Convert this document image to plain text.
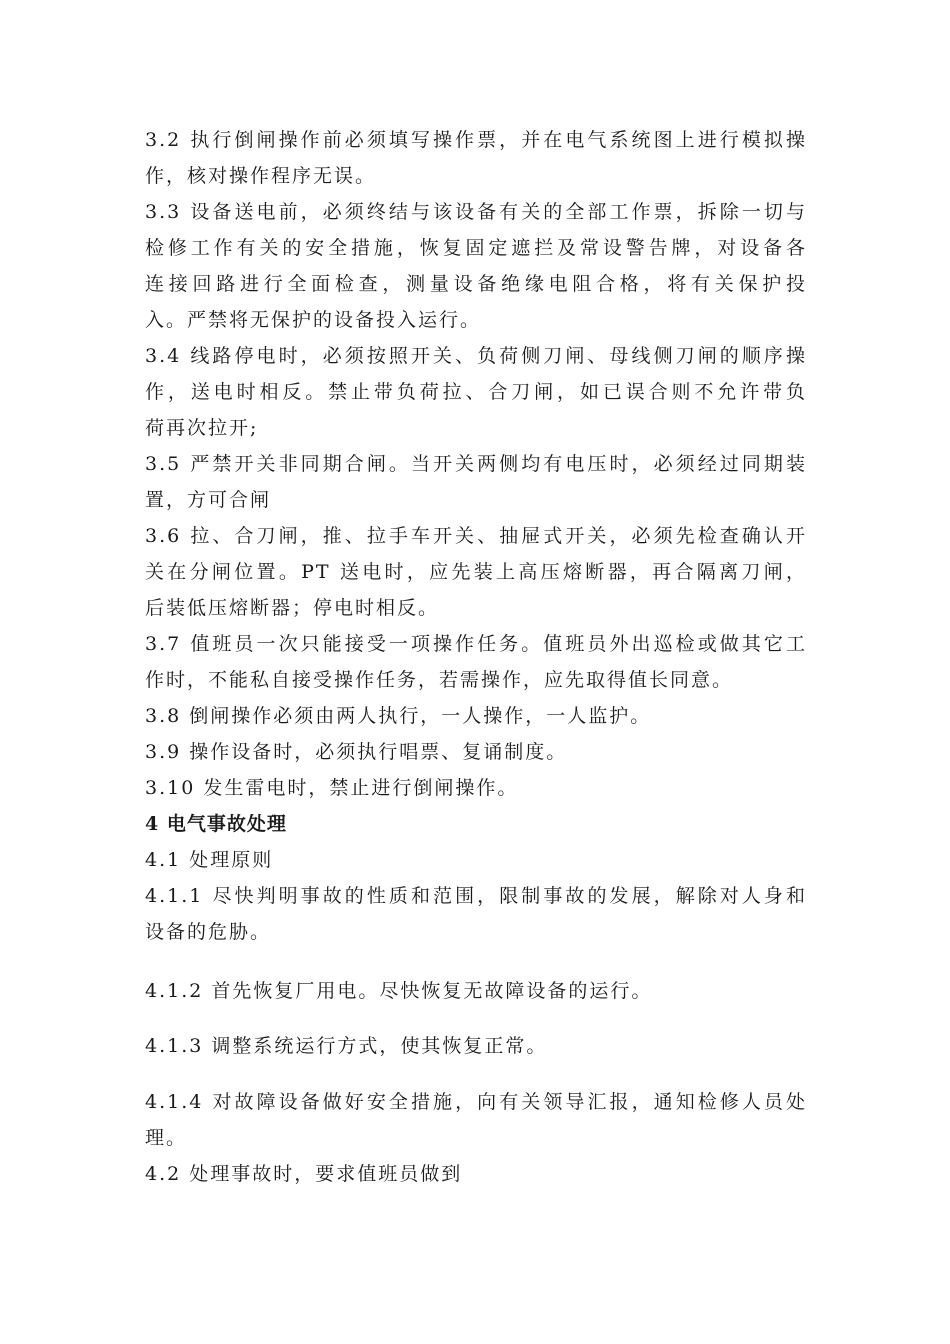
3.2 执行倒闸操作前必须填写操作票，并在电气系统图上进行模拟操
作，核对操作程序无误。
3.3 设备送电前，必须终结与该设备有关的全部工作票，拆除一切与
检修工作有关的安全措施，恢复固定遮拦及常设警告牌，对设备各
连接回路进行全面检查，测量设备绝缘电阻合格，将有关保护投
入。严禁将无保护的设备投入运行。
3.4 线路停电时，必须按照开关、负荷侧刀闸、母线侧刀闸的顺序操
作，送电时相反。禁止带负荷拉、合刀闸，如已误合则不允许带负
荷再次拉开;
3.5 严禁开关非同期合闸。当开关两侧均有电压时，必须经过同期装
置，方可合闸
3.6 拉、合刀闸，推、拉手车开关、抽屉式开关，必须先检查确认开
关在分闸位置。PT 送电时，应先装上高压熔断器，再合隔离刀闸，
后装低压熔断器；停电时相反。
3.7 值班员一次只能接受一项操作任务。值班员外出巡检或做其它工
作时，不能私自接受操作任务，若需操作，应先取得值长同意。
3.8 倒闸操作必须由两人执行，一人操作，一人监护。
3.9 操作设备时，必须执行唱票、复诵制度。
3.10 发生雷电时，禁止进行倒闸操作。
4 电气事故处理
4.1 处理原则
4.1.1 尽快判明事故的性质和范围，限制事故的发展，解除对人身和
设备的危胁。
4.1.2 首先恢复厂用电。尽快恢复无故障设备的运行。
4.1.3 调整系统运行方式，使其恢复正常。
4.1.4 对故障设备做好安全措施，向有关领导汇报，通知检修人员处
理。
4.2 处理事故时，要求值班员做到
